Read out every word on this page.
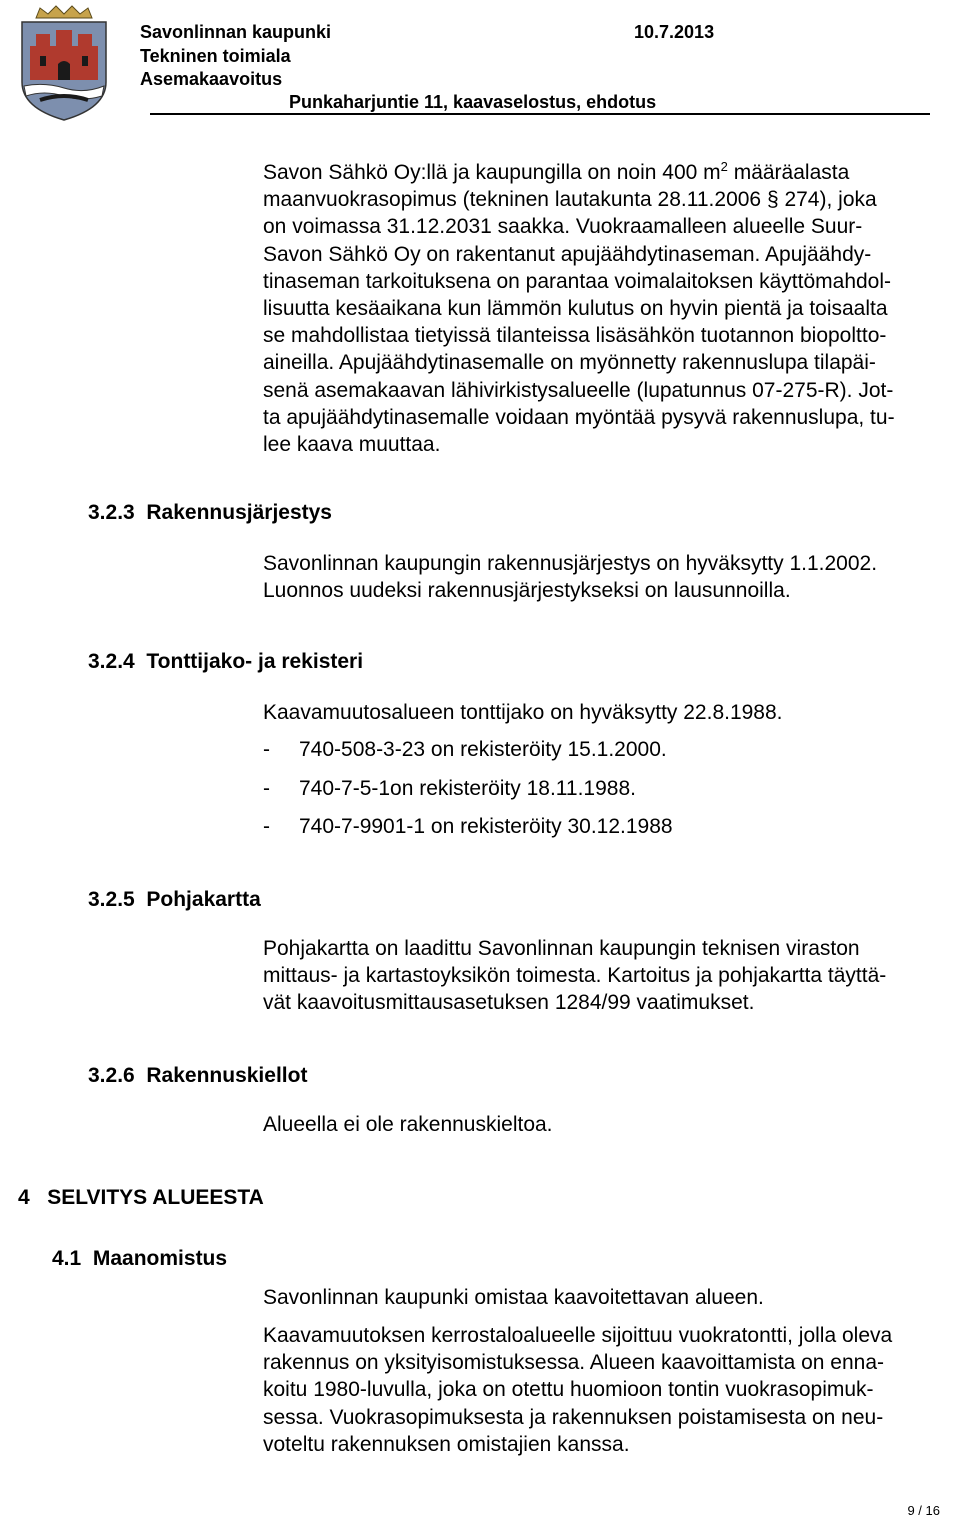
Savonlinnan kaupunki	10.7.2013
Tekninen toimiala
Asemakaavoitus
Punkaharjuntie 11, kaavaselostus, ehdotus
Savon Sähkö Oy:llä ja kaupungilla on noin 400 $m^2$ määräalasta
maanvuokrasopimus (tekninen lautakunta 28.11.2006 § 274), joka
on voimassa 31.12.2031 saakka. Vuokraamalleen alueelle Suur-
Savon Sähkö Oy on rakentanut apujäähdytinaseman. Apujäähdy-
tinaseman tarkoituksena on parantaa voimalaitoksen käyttömahdol-
lisuutta kesäaikana kun lämmön kulutus on hyvin pientä ja toisaalta
se mahdollistaa tietyissä tilanteissa lisäsähkön tuotannon biopoltto-
aineilla. Apujäähdytinasemalle on myönnetty rakennuslupa tilapäi-
senä asemakaavan lähivirkistysalueelle (lupatunnus 07-275-R). Jot-
ta apujäähdytinasemalle voidaan myöntää pysyvä rakennuslupa, tu-
lee kaava muuttaa.
3.2.3 Rakennusjärjestys
Savonlinnan kaupungin rakennusjärjestys on hyväksytty 1.1.2002.
Luonnos uudeksi rakennusjärjestykseksi on lausunnoilla.
3.2.4 Tonttijako- ja rekisteri
Kaavamuutosalueen tonttijako on hyväksytty 22.8.1988.
- 740-508-3-23 on rekisteröity 15.1.2000.
- 740-7-5-1on rekisteröity 18.11.1988.
- 740-7-9901-1 on rekisteröity 30.12.1988
3.2.5 Pohjakartta
Pohjakartta on laadittu Savonlinnan kaupungin teknisen viraston
mittaus- ja kartastoyksikön toimesta. Kartoitus ja pohjakartta täyttä-
vät kaavoitusmittausasetuksen 1284/99 vaatimukset.
3.2.6 Rakennuskiellot
Alueella ei ole rakennuskieltoa.
4 SELVITYS ALUEESTA
4.1 Maanomistus
Savonlinnan kaupunki omistaa kaavoitettavan alueen.
Kaavamuutoksen kerrostaloalueelle sijoittuu vuokratontti, jolla oleva
rakennus on yksityisomistuksessa. Alueen kaavoittamista on enna-
koitu 1980-luvulla, joka on otettu huomioon tontin vuokrasopimuk-
sessa. Vuokrasopimuksesta ja rakennuksen poistamisesta on neu-
voteltu rakennuksen omistajien kanssa.
9 / 16
